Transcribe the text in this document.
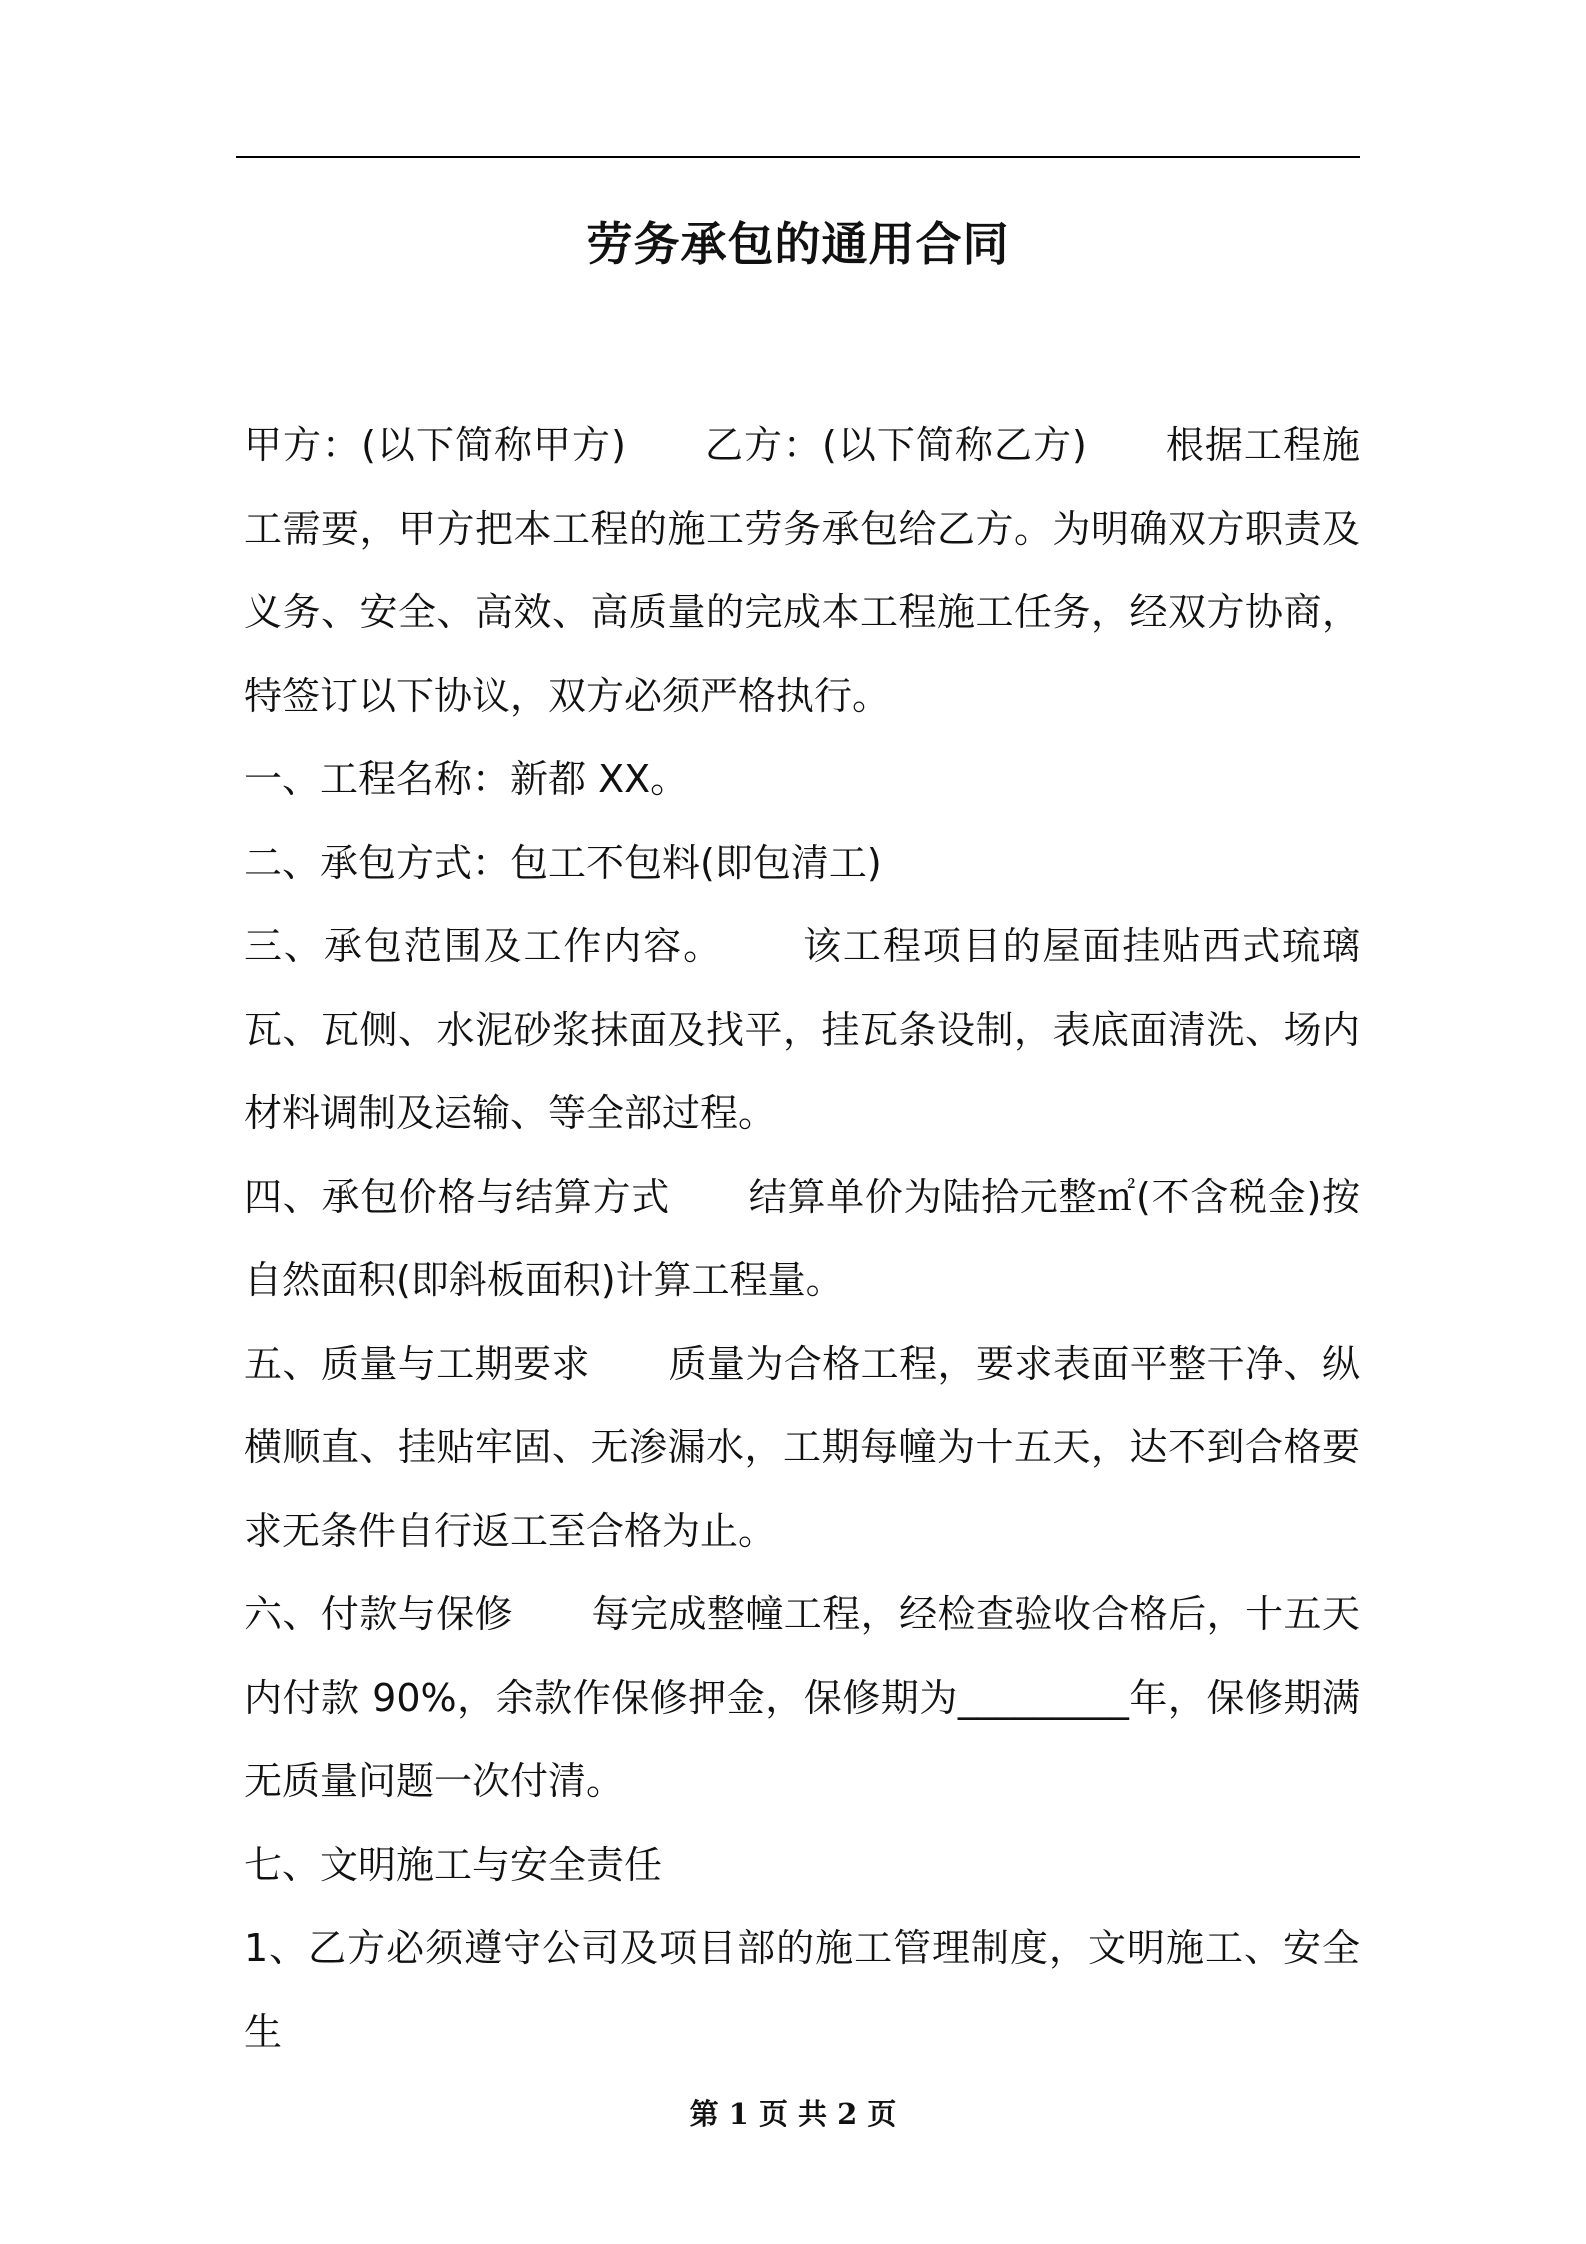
劳务承包的通用合同

甲方：(以下简称甲方) 乙方：(以下简称乙方) 根据工程施工需要，甲方把本工程的施工劳务承包给乙方。为明确双方职责及义务、安全、高效、高质量的完成本工程施工任务，经双方协商，特签订以下协议，双方必须严格执行。

一、工程名称：新都 XX。

二、承包方式：包工不包料(即包清工)

三、承包范围及工作内容。 该工程项目的屋面挂贴西式琉璃瓦、瓦侧、水泥砂浆抹面及找平，挂瓦条设制，表底面清洗、场内材料调制及运输、等全部过程。

四、承包价格与结算方式 结算单价为陆拾元整㎡(不含税金)按自然面积(即斜板面积)计算工程量。

五、质量与工期要求 质量为合格工程，要求表面平整干净、纵横顺直、挂贴牢固、无渗漏水，工期每幢为十五天，达不到合格要求无条件自行返工至合格为止。

六、付款与保修 每完成整幢工程，经检查验收合格后，十五天内付款 90%，余款作保修押金，保修期为_________年，保修期满无质量问题一次付清。

七、文明施工与安全责任

1、乙方必须遵守公司及项目部的施工管理制度，文明施工、安全生

第 1 页 共 2 页
